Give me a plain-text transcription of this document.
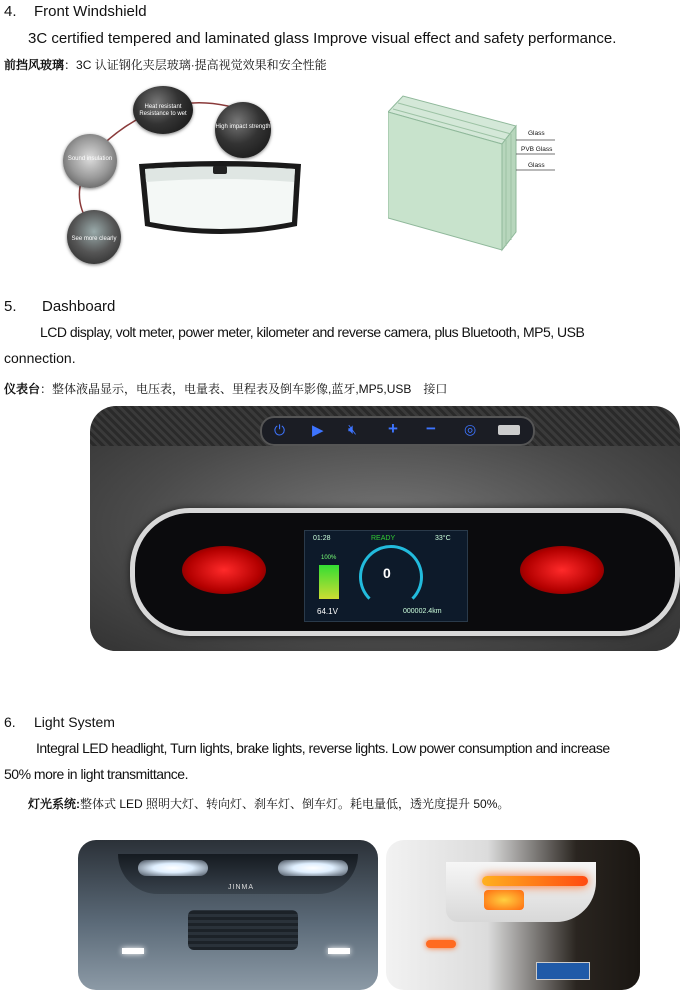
4. Front Windshield
3C certified tempered and laminated glass Improve visual effect and safety performance.
前挡风玻璃：3C 认证钢化夹层玻璃·提高视觉效果和安全性能
Heat resistant Resistance to wet
High impact strength
Sound insulation
See more clearly
Glass
PVB Glass
Glass
5. Dashboard
LCD display, volt meter, power meter, kilometer and reverse camera, plus Bluetooth, MP5, USB
connection.
仪表台：整体液晶显示，电压表，电量表、里程表及倒车影像,蓝牙,MP5,USB　接口
⏻ ▶ 🔇︎ + − ◎
01:28	READY	33°C
100%
0
64.1V	000002.4km
6. Light System
Integral LED headlight, Turn lights, brake lights, reverse lights. Low power consumption and increase
50% more in light transmittance.
灯光系统:整体式 LED 照明大灯、转向灯、刹车灯、倒车灯。耗电量低，透光度提升 50%。
JINMA
